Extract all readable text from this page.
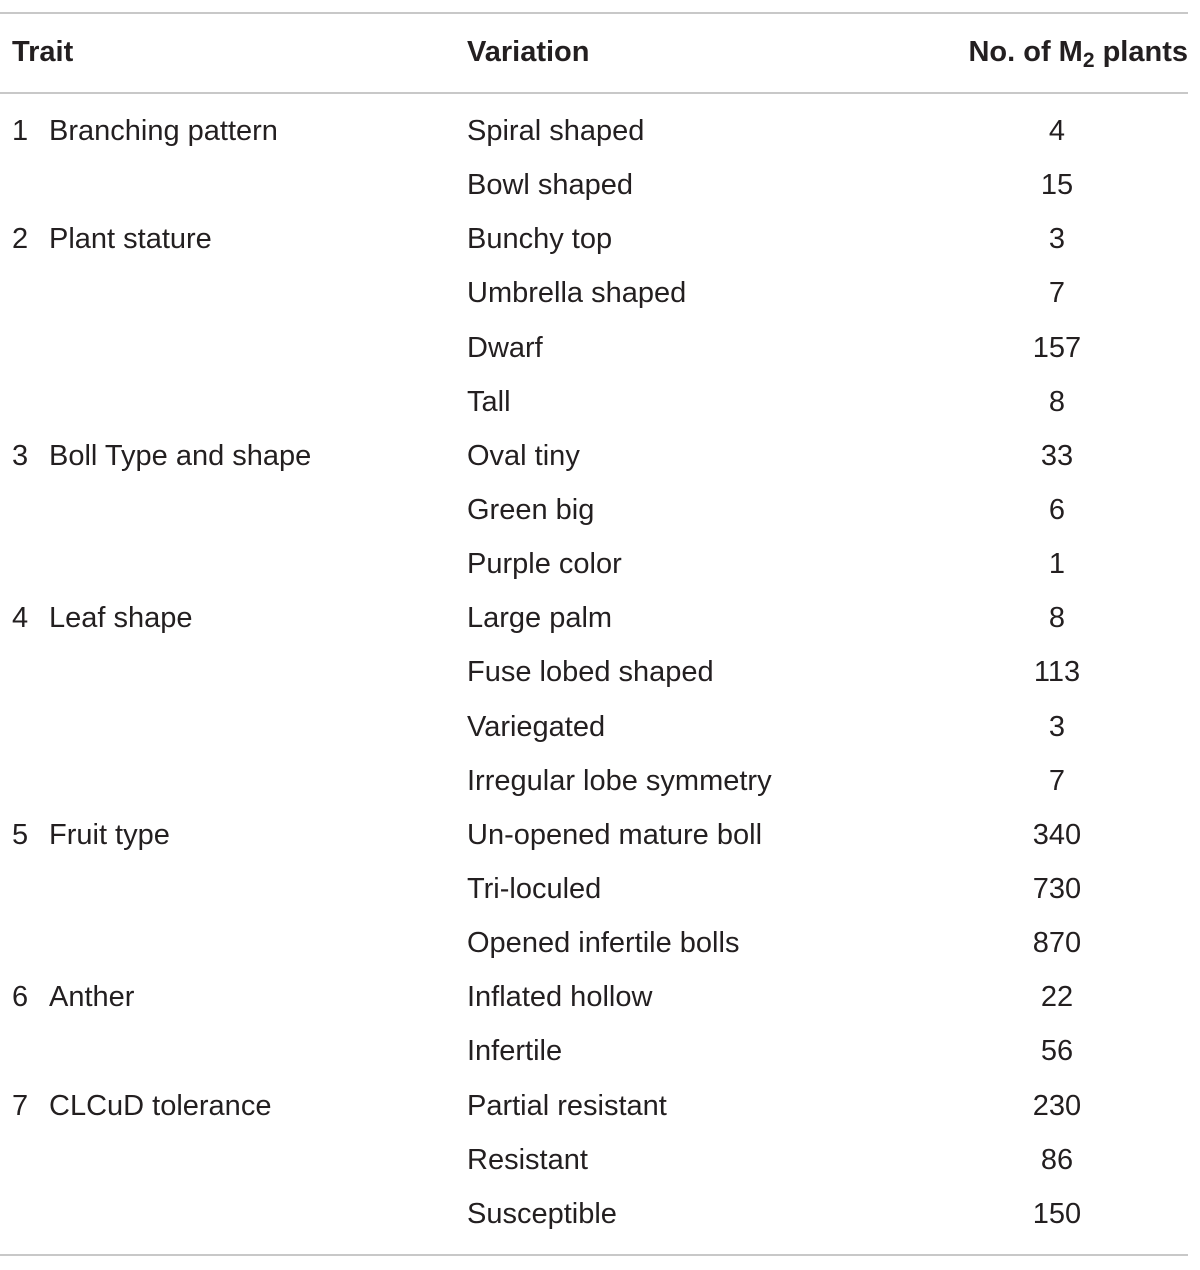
Trait	Variation	No. of $M_2$ plants
1 Branching pattern	Spiral shaped	4
Bowl shaped	15
2 Plant stature	Bunchy top	3
Umbrella shaped	7
Dwarf	157
Tall	8
3 Boll Type and shape	Oval tiny	33
Green big	6
Purple color	1
4 Leaf shape	Large palm	8
Fuse lobed shaped	113
Variegated	3
Irregular lobe symmetry	7
5 Fruit type	Un-opened mature boll	340
Tri-loculed	730
Opened infertile bolls	870
6 Anther	Inflated hollow	22
Infertile	56
7 CLCuD tolerance	Partial resistant	230
Resistant	86
Susceptible	150
